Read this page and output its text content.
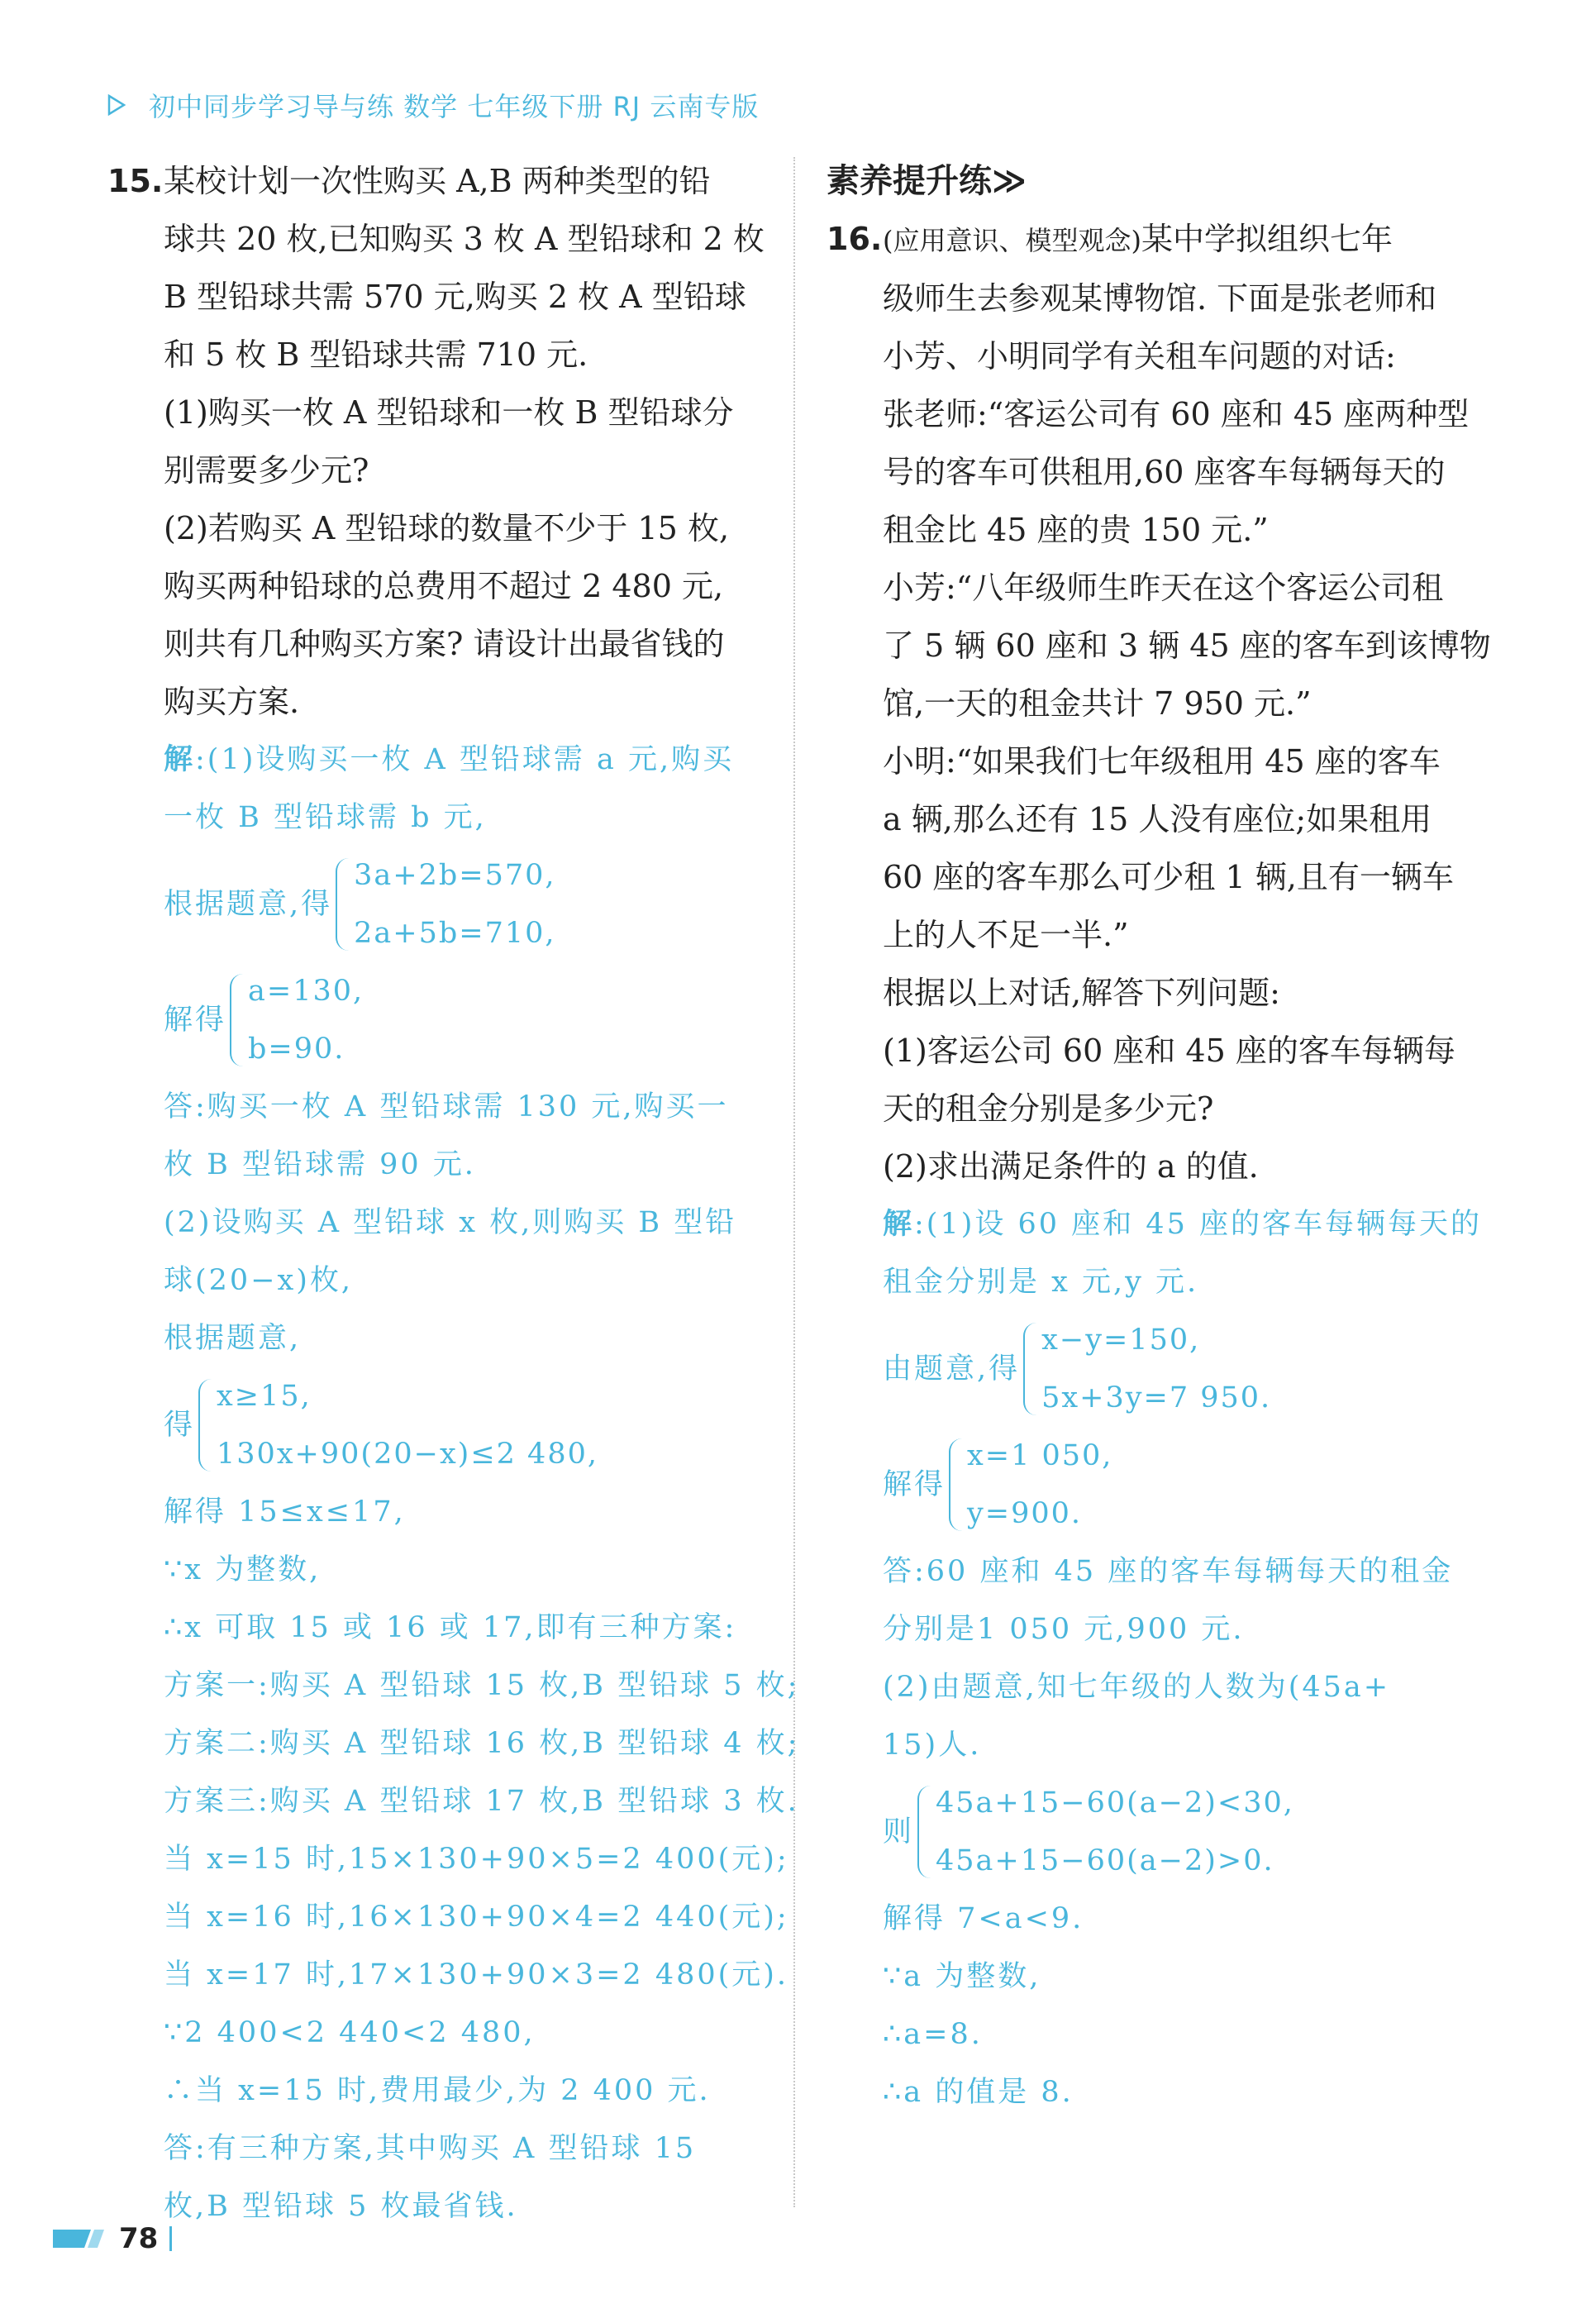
初中同步学习导与练 数学 七年级下册 RJ 云南专版
15.某校计划一次性购买 A,B 两种类型的铅
球共 20 枚,已知购买 3 枚 A 型铅球和 2 枚
B 型铅球共需 570 元,购买 2 枚 A 型铅球
和 5 枚 B 型铅球共需 710 元.
(1)购买一枚 A 型铅球和一枚 B 型铅球分
别需要多少元?
(2)若购买 A 型铅球的数量不少于 15 枚,
购买两种铅球的总费用不超过 2 480 元,
则共有几种购买方案? 请设计出最省钱的
购买方案.
解:(1)设购买一枚 A 型铅球需 a 元,购买
一枚 B 型铅球需 b 元,
根据题意,得
3a+2b=570,
2a+5b=710,
解得
a=130,
b=90.
答:购买一枚 A 型铅球需 130 元,购买一
枚 B 型铅球需 90 元.
(2)设购买 A 型铅球 x 枚,则购买 B 型铅
球(20−x)枚,
根据题意,
得
x≥15,
130x+90(20−x)≤2 480,
解得 15≤x≤17,
∵x 为整数,
∴x 可取 15 或 16 或 17,即有三种方案:
方案一:购买 A 型铅球 15 枚,B 型铅球 5 枚;
方案二:购买 A 型铅球 16 枚,B 型铅球 4 枚;
方案三:购买 A 型铅球 17 枚,B 型铅球 3 枚.
当 x=15 时,15×130+90×5=2 400(元);
当 x=16 时,16×130+90×4=2 440(元);
当 x=17 时,17×130+90×3=2 480(元).
∵2 400<2 440<2 480,
∴当 x=15 时,费用最少,为 2 400 元.
答:有三种方案,其中购买 A 型铅球 15
枚,B 型铅球 5 枚最省钱.
素养提升练≫
16.(应用意识、模型观念)某中学拟组织七年
级师生去参观某博物馆. 下面是张老师和
小芳、小明同学有关租车问题的对话:
张老师:“客运公司有 60 座和 45 座两种型
号的客车可供租用,60 座客车每辆每天的
租金比 45 座的贵 150 元.”
小芳:“八年级师生昨天在这个客运公司租
了 5 辆 60 座和 3 辆 45 座的客车到该博物
馆,一天的租金共计 7 950 元.”
小明:“如果我们七年级租用 45 座的客车
a 辆,那么还有 15 人没有座位;如果租用
60 座的客车那么可少租 1 辆,且有一辆车
上的人不足一半.”
根据以上对话,解答下列问题:
(1)客运公司 60 座和 45 座的客车每辆每
天的租金分别是多少元?
(2)求出满足条件的 a 的值.
解:(1)设 60 座和 45 座的客车每辆每天的
租金分别是 x 元,y 元.
由题意,得
x−y=150,
5x+3y=7 950.
解得
x=1 050,
y=900.
答:60 座和 45 座的客车每辆每天的租金
分别是1 050 元,900 元.
(2)由题意,知七年级的人数为(45a+
15)人.
则
45a+15−60(a−2)<30,
45a+15−60(a−2)>0.
解得 7<a<9.
∵a 为整数,
∴a=8.
∴a 的值是 8.
78
